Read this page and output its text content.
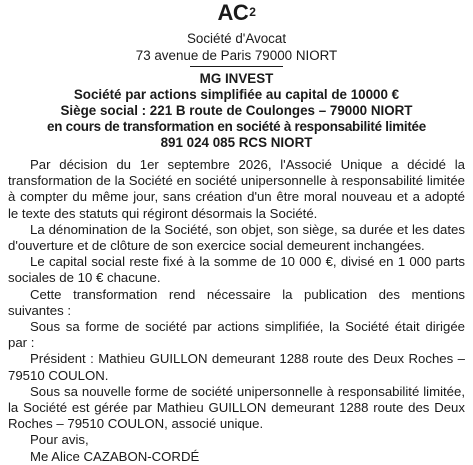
$AC^2$
Société d'Avocat
73 avenue de Paris 79000 NIORT
MG INVEST
Société par actions simplifiée au capital de 10000 €
Siège social : 221 B route de Coulonges – 79000 NIORT
en cours de transformation en société à responsabilité limitée
891 024 085 RCS NIORT

Par décision du 1er septembre 2026, l'Associé Unique a décidé la transformation de la Société en société unipersonnelle à responsabilité limitée à compter du même jour, sans création d'un être moral nouveau et a adopté le texte des statuts qui régiront désormais la Société.

La dénomination de la Société, son objet, son siège, sa durée et les dates d'ouverture et de clôture de son exercice social demeurent inchangées.

Le capital social reste fixé à la somme de 10 000 €, divisé en 1 000 parts sociales de 10 € chacune.

Cette transformation rend nécessaire la publication des mentions suivantes :

Sous sa forme de société par actions simplifiée, la Société était dirigée par :

Président : Mathieu GUILLON demeurant 1288 route des Deux Roches – 79510 COULON.

Sous sa nouvelle forme de société unipersonnelle à responsabilité limitée, la Société est gérée par Mathieu GUILLON demeurant 1288 route des Deux Roches – 79510 COULON, associé unique.

Pour avis,

Me Alice CAZABON-CORDÉ
